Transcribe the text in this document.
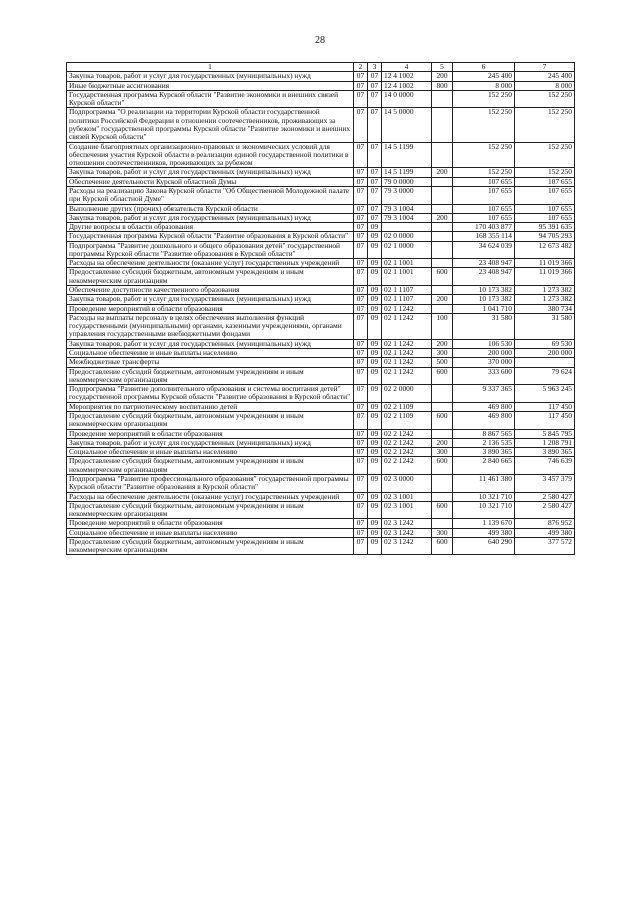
28
1	2	3	4	5	6	7
Закупка товаров, работ и услуг для государственных (муниципальных) нужд	07	07	12 4 1002	200	245 400	245 400
Иные бюджетные ассигнования	07	07	12 4 1002	800	8 000	8 000
Государственная программа Курской области "Развитие экономики и внешних связей Курской области"	07	07	14 0 0000		152 250	152 250
Подпрограмма "О реализации на территории Курской области государственной политики Российской Федерации в отношении соотечественников, проживающих за рубежом" государственной программы Курской области "Развитие экономики и внешних связей Курской области"	07	07	14 5 0000		152 250	152 250
Создание благоприятных организационно-правовых и экономических условий для обеспечения участия Курской области в реализации единой государственной политики в отношении соотечественников, проживающих за рубежом	07	07	14 5 1199		152 250	152 250
Закупка товаров, работ и услуг для государственных (муниципальных) нужд	07	07	14 5 1199	200	152 250	152 250
Обеспечение деятельности Курской областной Думы	07	07	79 0 0000		107 655	107 655
Расходы на реализацию Закона Курской области "Об Общественной Молодежной палате при Курской областной Думе"	07	07	79 3 0000		107 655	107 655
Выполнение других (прочих) обязательств Курской области	07	07	79 3 1004		107 655	107 655
Закупка товаров, работ и услуг для государственных (муниципальных) нужд	07	07	79 3 1004	200	107 655	107 655
Другие вопросы в области образования	07	09			170 403 877	95 391 635
Государственная программа Курской области "Развитие образования в Курской области"	07	09	02 0 0000		168 355 114	94 705 293
Подпрограмма "Развитие дошкольного и общего образования детей" государственной программы Курской области "Развитие образования в Курской области"	07	09	02 1 0000		34 624 039	12 673 482
Расходы на обеспечение деятельности (оказание услуг) государственных учреждений	07	09	02 1 1001		23 408 947	11 019 366
Предоставление субсидий бюджетным, автономным учреждениям и иным некоммерческим организациям	07	09	02 1 1001	600	23 408 947	11 019 366
Обеспечение доступности качественного образования	07	09	02 1 1107		10 173 382	1 273 382
Закупка товаров, работ и услуг для государственных (муниципальных) нужд	07	09	02 1 1107	200	10 173 382	1 273 382
Проведение мероприятий в области образования	07	09	02 1 1242		1 041 710	380 734
Расходы на выплаты персоналу в целях обеспечения выполнения функций государственными (муниципальными) органами, казенными учреждениями, органами управления государственными внебюджетными фондами	07	09	02 1 1242	100	31 580	31 580
Закупка товаров, работ и услуг для государственных (муниципальных) нужд	07	09	02 1 1242	200	106 530	69 530
Социальное обеспечение и иные выплаты населению	07	09	02 1 1242	300	200 000	200 000
Межбюджетные трансферты	07	09	02 1 1242	500	370 000	
Предоставление субсидий бюджетным, автономным учреждениям и иным некоммерческим организациям	07	09	02 1 1242	600	333 600	79 624
Подпрограмма "Развитие дополнительного образования и системы воспитания детей" государственной программы Курской области "Развитие образования в Курской области"	07	09	02 2 0000		9 337 365	5 963 245
Мероприятия по патриотическому воспитанию детей	07	09	02 2 1109		469 800	117 450
Предоставление субсидий бюджетным, автономным учреждениям и иным некоммерческим организациям	07	09	02 2 1109	600	469 800	117 450
Проведение мероприятий в области образования	07	09	02 2 1242		8 867 565	5 845 795
Закупка товаров, работ и услуг для государственных (муниципальных) нужд	07	09	02 2 1242	200	2 136 535	1 208 791
Социальное обеспечение и иные выплаты населению	07	09	02 2 1242	300	3 890 365	3 890 365
Предоставление субсидий бюджетным, автономным учреждениям и иным некоммерческим организациям	07	09	02 2 1242	600	2 840 665	746 639
Подпрограмма "Развитие профессионального образования" государственной программы Курской области "Развитие образования в Курской области"	07	09	02 3 0000		11 461 380	3 457 379
Расходы на обеспечение деятельности (оказание услуг) государственных учреждений	07	09	02 3 1001		10 321 710	2 580 427
Предоставление субсидий бюджетным, автономным учреждениям и иным некоммерческим организациям	07	09	02 3 1001	600	10 321 710	2 580 427
Проведение мероприятий в области образования	07	09	02 3 1242		1 139 670	876 952
Социальное обеспечение и иные выплаты населению	07	09	02 3 1242	300	499 380	499 380
Предоставление субсидий бюджетным, автономным учреждениям и иным некоммерческим организациям	07	09	02 3 1242	600	640 290	377 572
